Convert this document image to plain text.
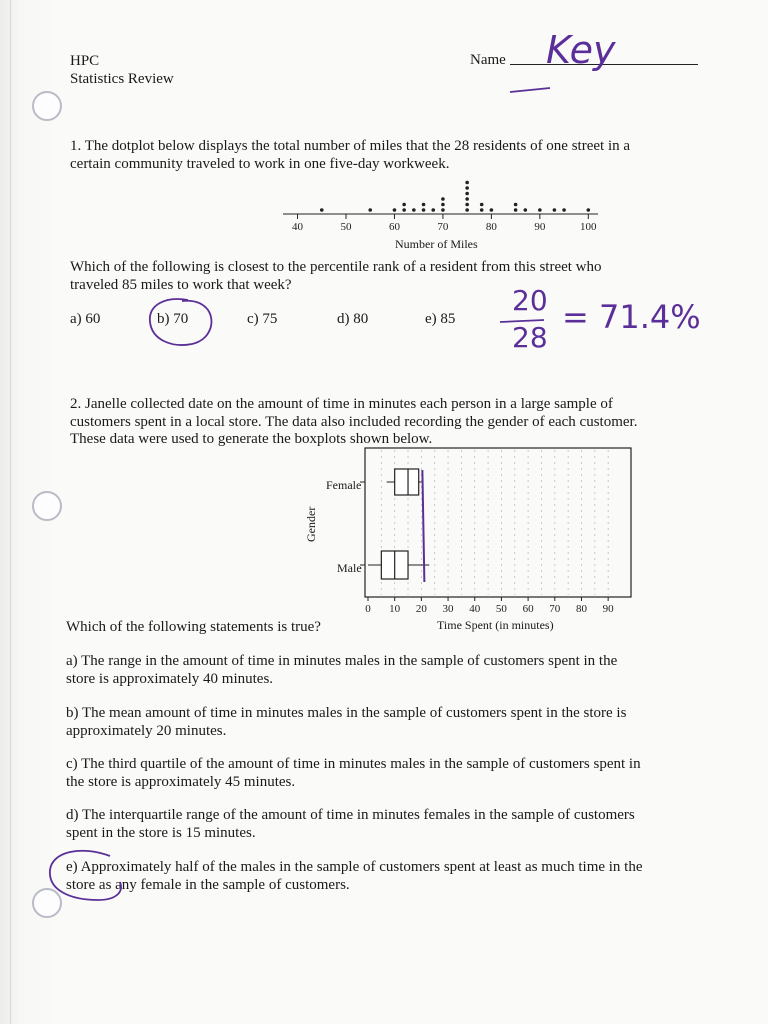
HPC
Statistics Review
Name Key
1. The dotplot below displays the total number of miles that the 28 residents of one street in a
certain community traveled to work in one five-day workweek.
40	50	60	70	80	90	100
Number of Miles
Which of the following is closest to the percentile rank of a resident from this street who
traveled 85 miles to work that week?
a) 60	b) 70	c) 75	d) 80	e) 85
20
28
= 71.4%
2. Janelle collected date on the amount of time in minutes each person in a large sample of
customers spent in a local store. The data also included recording the gender of each customer.
These data were used to generate the boxplots shown below.
0 10 20 30 40 50 60 70 80 90
Female
Male
Gender
Time Spent (in minutes)
Which of the following statements is true?
a) The range in the amount of time in minutes males in the sample of customers spent in the
store is approximately 40 minutes.
b) The mean amount of time in minutes males in the sample of customers spent in the store is
approximately 20 minutes.
c) The third quartile of the amount of time in minutes males in the sample of customers spent in
the store is approximately 45 minutes.
d) The interquartile range of the amount of time in minutes females in the sample of customers
spent in the store is 15 minutes.
e) Approximately half of the males in the sample of customers spent at least as much time in the
store as any female in the sample of customers.
